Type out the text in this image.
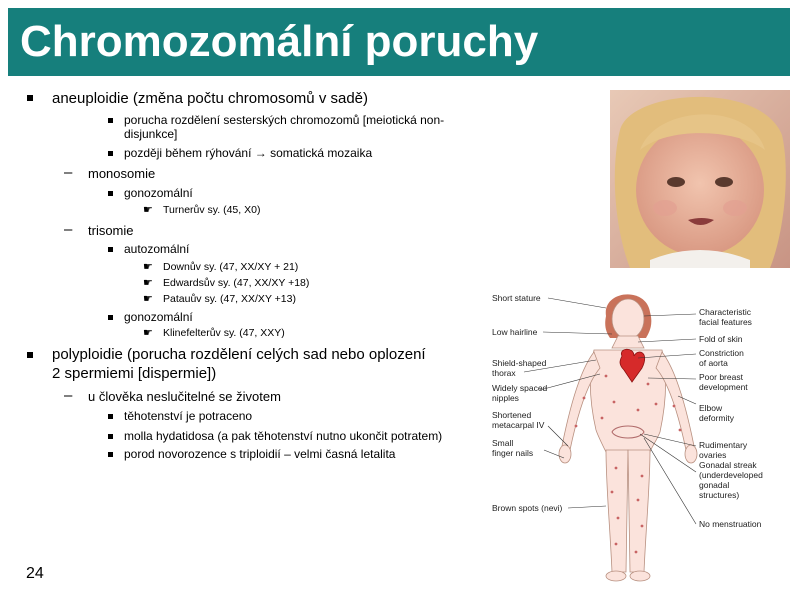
Chromozomální poruchy
aneuploidie (změna počtu chromosomů v sadě)
porucha rozdělení sesterských chromozomů [meiotická non-
disjunkce]
později během rýhování → somatická mozaika
– monosomie
gonozomální
☛ Turnerův sy. (45, X0)
– trisomie
autozomální
☛ Downův sy. (47, XX/XY + 21)
☛ Edwardsův sy. (47, XX/XY +18)
☛ Patauův sy. (47, XX/XY +13)
gonozomální
☛ Klinefelterův sy. (47, XXY)
polyploidie (porucha rozdělení celých sad nebo oplození
2 spermiemi [dispermie])
– u člověka neslučitelné se životem
těhotenství je potraceno
molla hydatidosa (a pak těhotenství nutno ukončit potratem)
porod novorozence s triploidií – velmi časná letalita
Short stature
Low hairline
Shield-shaped
thorax
Widely spaced
nipples
Shortened
metacarpal IV
Small
finger nails
Brown spots (nevi)
Characteristic
facial features
Fold of skin
Constriction
of aorta
Poor breast
development
Elbow
deformity
Rudimentary
ovaries
Gonadal streak
(underdeveloped
gonadal
structures)
No menstruation
24
